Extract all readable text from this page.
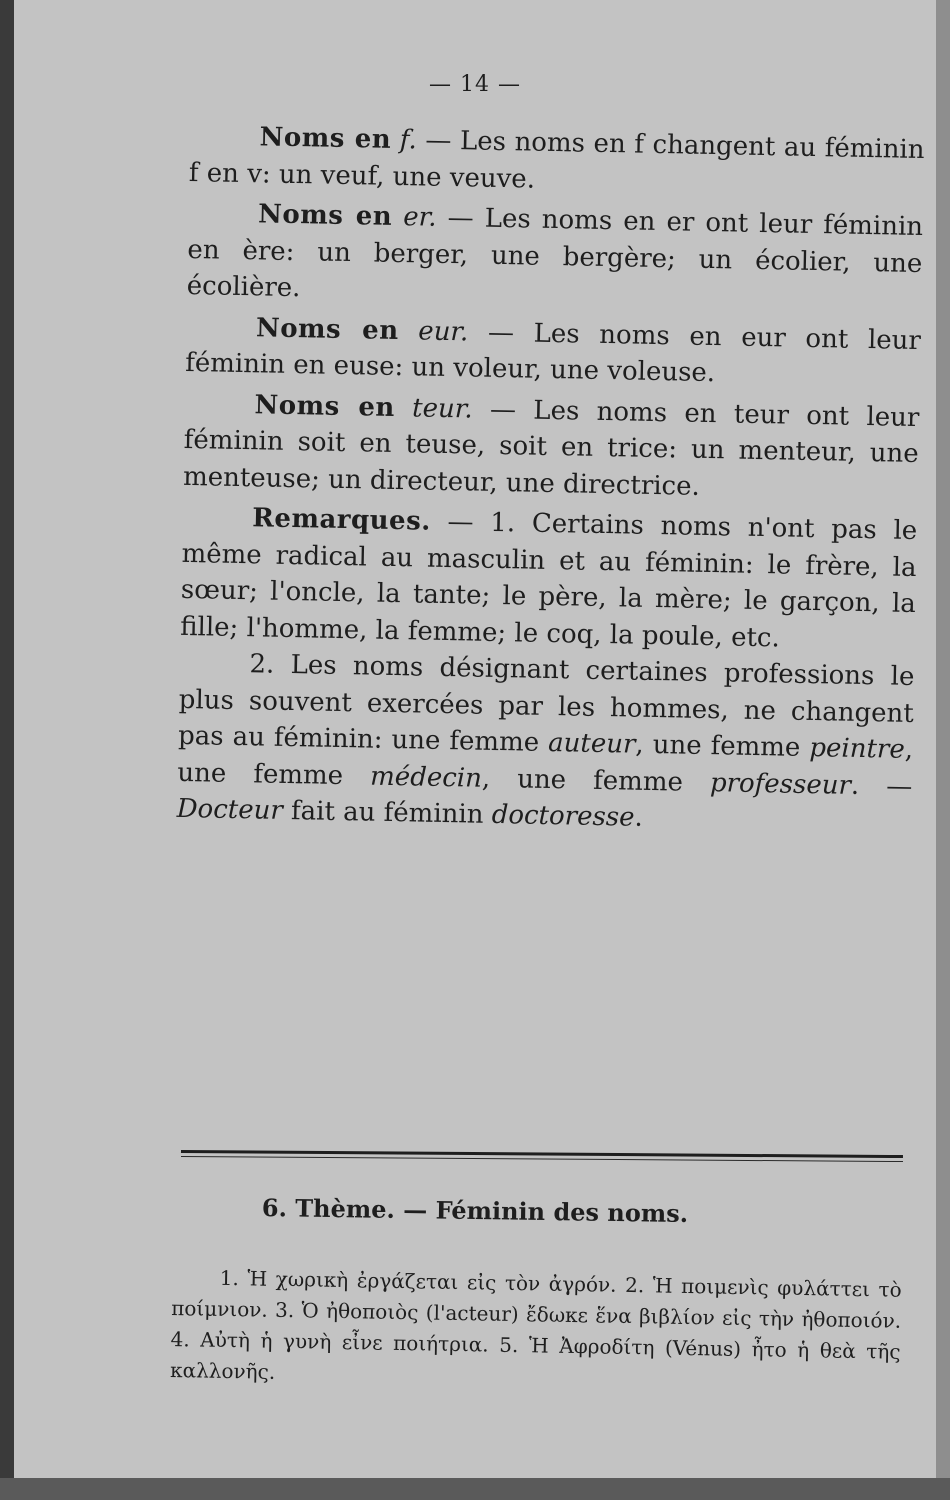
— 14 —

Noms en f. — Les noms en f changent au féminin f en v: un veuf, une veuve.

Noms en er. — Les noms en er ont leur féminin en ère: un berger, une bergère; un écolier, une écolière.

Noms en eur. — Les noms en eur ont leur féminin en euse: un voleur, une voleuse.

Noms en teur. — Les noms en teur ont leur féminin soit en teuse, soit en trice: un menteur, une menteuse; un directeur, une directrice.

Remarques. — 1. Certains noms n'ont pas le même radical au masculin et au féminin: le frère, la sœur; l'oncle, la tante; le père, la mère; le garçon, la fille; l'homme, la femme; le coq, la poule, etc.

2. Les noms désignant certaines professions le plus souvent exercées par les hommes, ne changent pas au féminin: une femme auteur, une femme peintre, une femme médecin, une femme professeur. — Docteur fait au féminin doctoresse.

6. Thème. — Féminin des noms.

1. Ἡ χωρικὴ ἐργάζεται εἰς τὸν ἀγρόν. 2. Ἡ ποιμενὶς φυλάττει τὸ ποίμνιον. 3. Ὁ ἠθοποιὸς (l'acteur) ἔδωκε ἕνα βιβλίον εἰς τὴν ἠθοποιόν. 4. Αὐτὴ ἡ γυνὴ εἶνε ποιήτρια. 5. Ἡ Ἀφροδίτη (Vénus) ἦτο ἡ θεὰ τῆς καλλονῆς.
